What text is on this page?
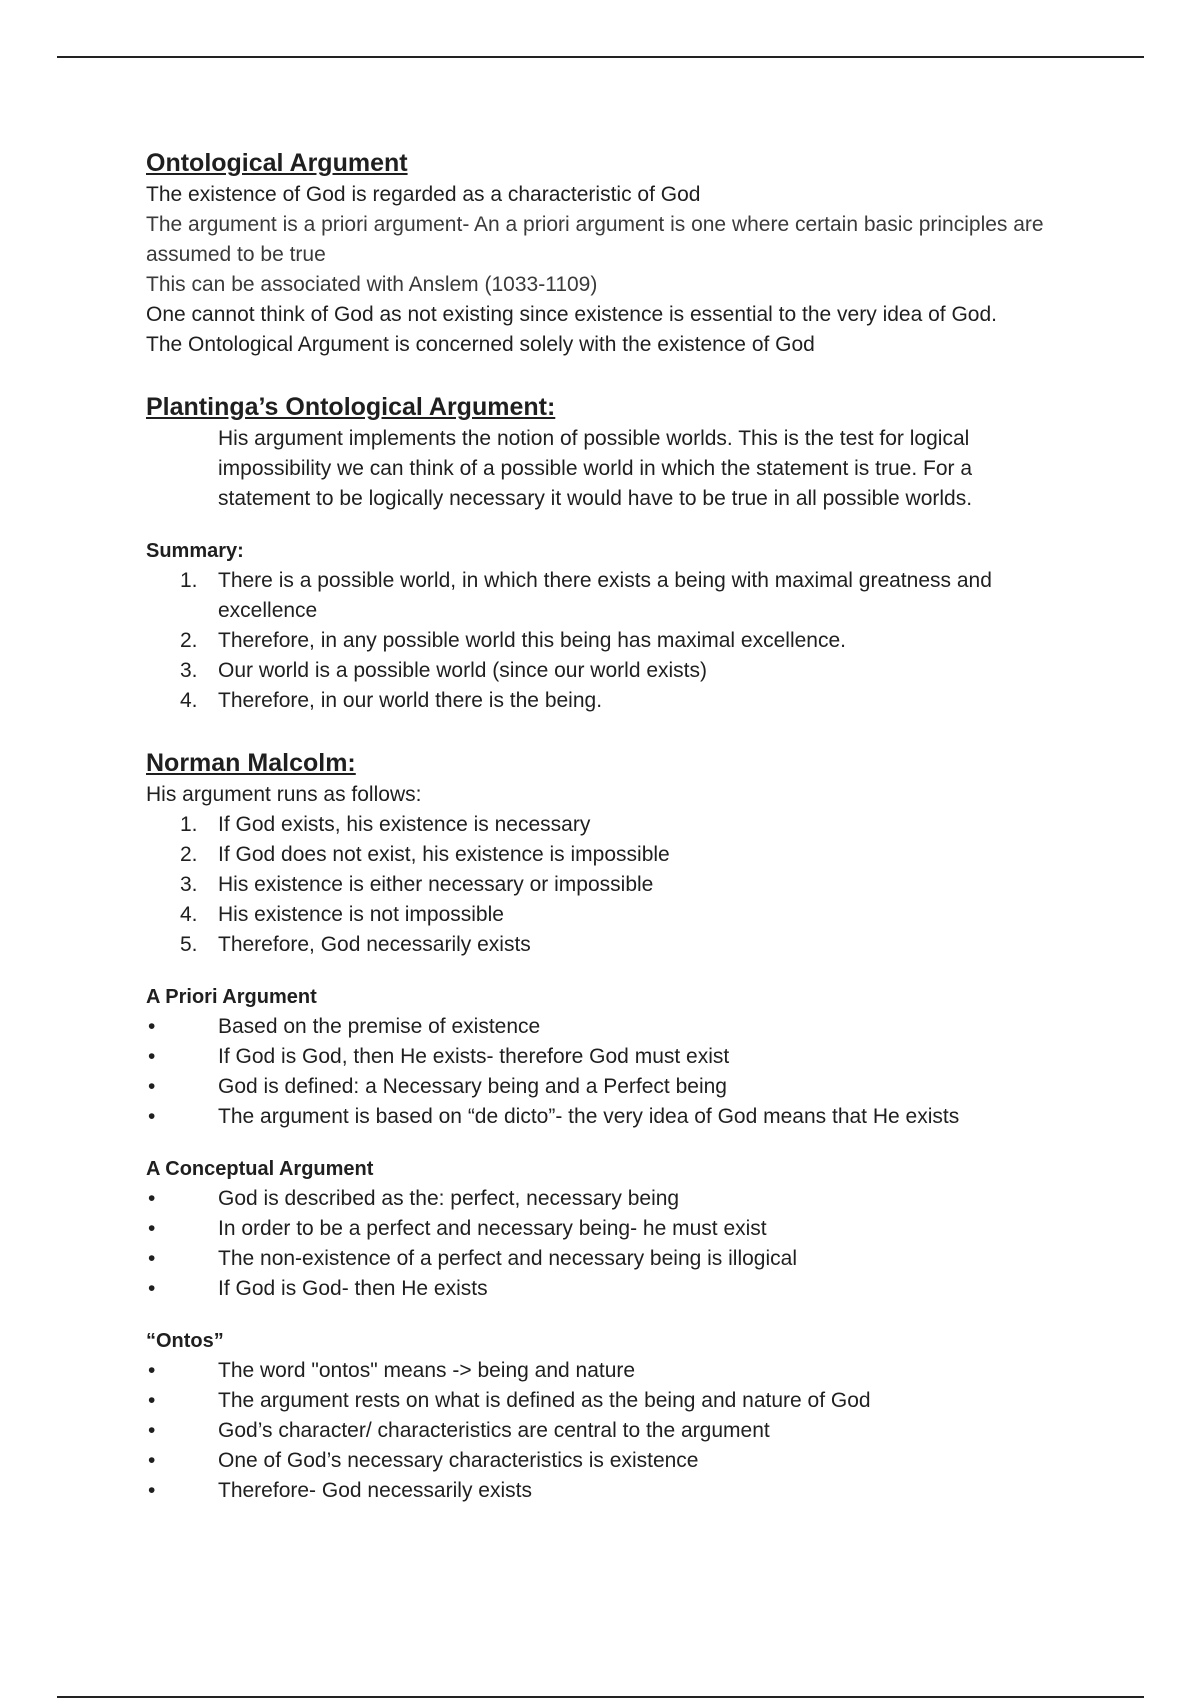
Ontological Argument

The existence of God is regarded as a characteristic of God

The argument is a priori argument- An a priori argument is one where certain basic principles are assumed to be true

This can be associated with Anslem (1033-1109)

One cannot think of God as not existing since existence is essential to the very idea of God.

The Ontological Argument is concerned solely with the existence of God

Plantinga’s Ontological Argument:

His argument implements the notion of possible worlds. This is the test for logical impossibility we can think of a possible world in which the statement is true. For a statement to be logically necessary it would have to be true in all possible worlds.

Summary:

1. There is a possible world, in which there exists a being with maximal greatness and excellence
2. Therefore, in any possible world this being has maximal excellence.
3. Our world is a possible world (since our world exists)
4. Therefore, in our world there is the being.

Norman Malcolm:

His argument runs as follows:

1. If God exists, his existence is necessary
2. If God does not exist, his existence is impossible
3. His existence is either necessary or impossible
4. His existence is not impossible
5. Therefore, God necessarily exists

A Priori Argument

•	Based on the premise of existence
•	If God is God, then He exists- therefore God must exist
•	God is defined: a Necessary being and a Perfect being
•	The argument is based on “de dicto”- the very idea of God means that He exists

A Conceptual Argument

•	God is described as the: perfect, necessary being
•	In order to be a perfect and necessary being- he must exist
•	The non-existence of a perfect and necessary being is illogical
•	If God is God- then He exists

“Ontos”

•	The word "ontos" means -> being and nature
•	The argument rests on what is defined as the being and nature of God
•	God’s character/ characteristics are central to the argument
•	One of God’s necessary characteristics is existence
•	Therefore- God necessarily exists
